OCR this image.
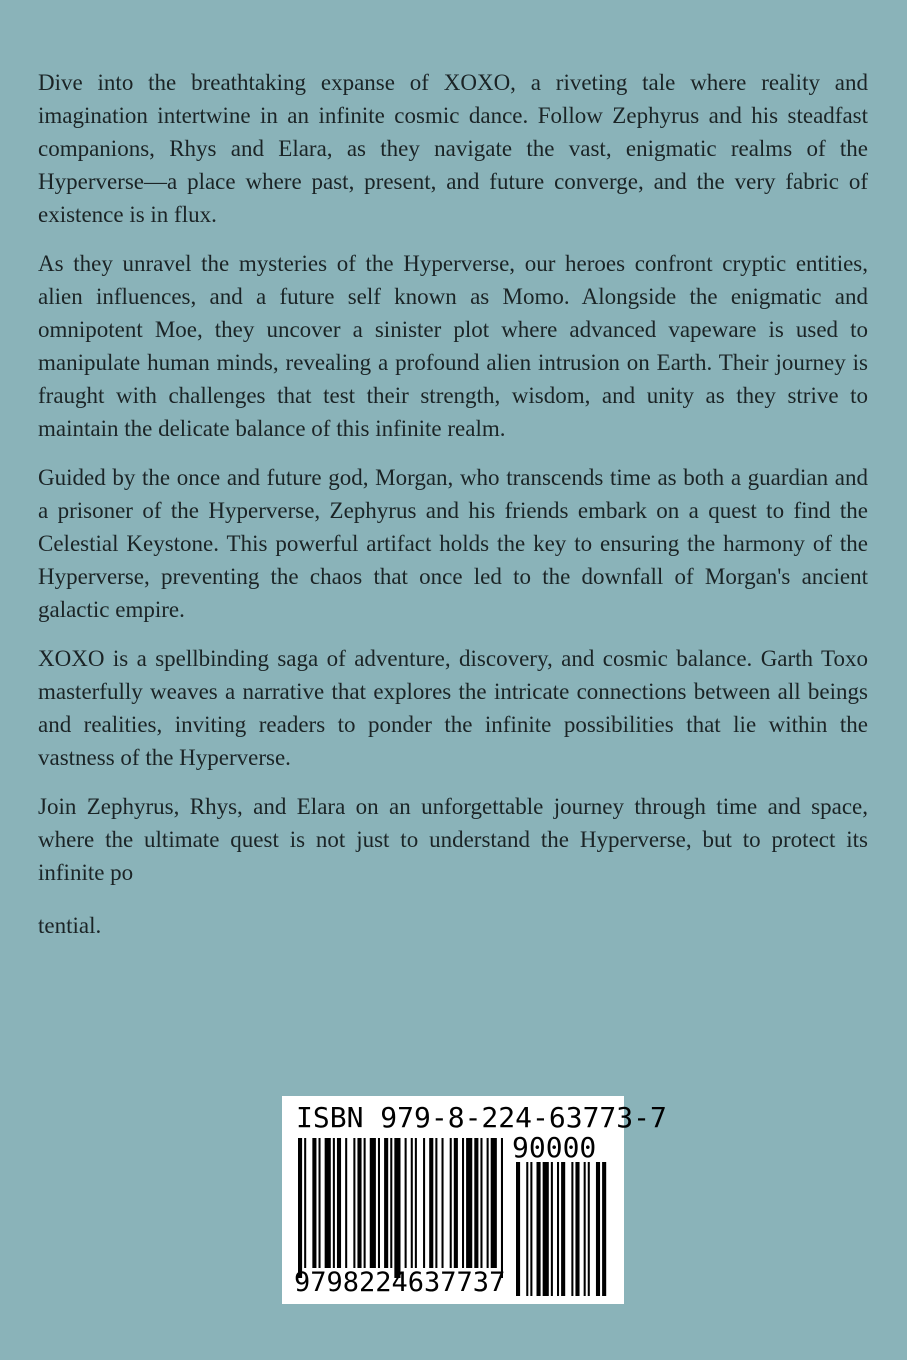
Dive into the breathtaking expanse of XOXO, a riveting tale where reality and imagination intertwine in an infinite cosmic dance. Follow Zephyrus and his steadfast companions, Rhys and Elara, as they navigate the vast, enigmatic realms of the Hyperverse—a place where past, present, and future converge, and the very fabric of existence is in flux.

As they unravel the mysteries of the Hyperverse, our heroes confront cryptic entities, alien influences, and a future self known as Momo. Alongside the enigmatic and omnipotent Moe, they uncover a sinister plot where advanced vapeware is used to manipulate human minds, revealing a profound alien intrusion on Earth. Their journey is fraught with challenges that test their strength, wisdom, and unity as they strive to maintain the delicate balance of this infinite realm.

Guided by the once and future god, Morgan, who transcends time as both a guardian and a prisoner of the Hyperverse, Zephyrus and his friends embark on a quest to find the Celestial Keystone. This powerful artifact holds the key to ensuring the harmony of the Hyperverse, preventing the chaos that once led to the downfall of Morgan's ancient galactic empire.

XOXO is a spellbinding saga of adventure, discovery, and cosmic balance. Garth Toxo masterfully weaves a narrative that explores the intricate connections between all beings and realities, inviting readers to ponder the infinite possibilities that lie within the vastness of the Hyperverse.

Join Zephyrus, Rhys, and Elara on an unforgettable journey through time and space, where the ultimate quest is not just to understand the Hyperverse, but to protect its infinite po

tential.

ISBN 979-8-224-63773-7
90000
9798224637737
